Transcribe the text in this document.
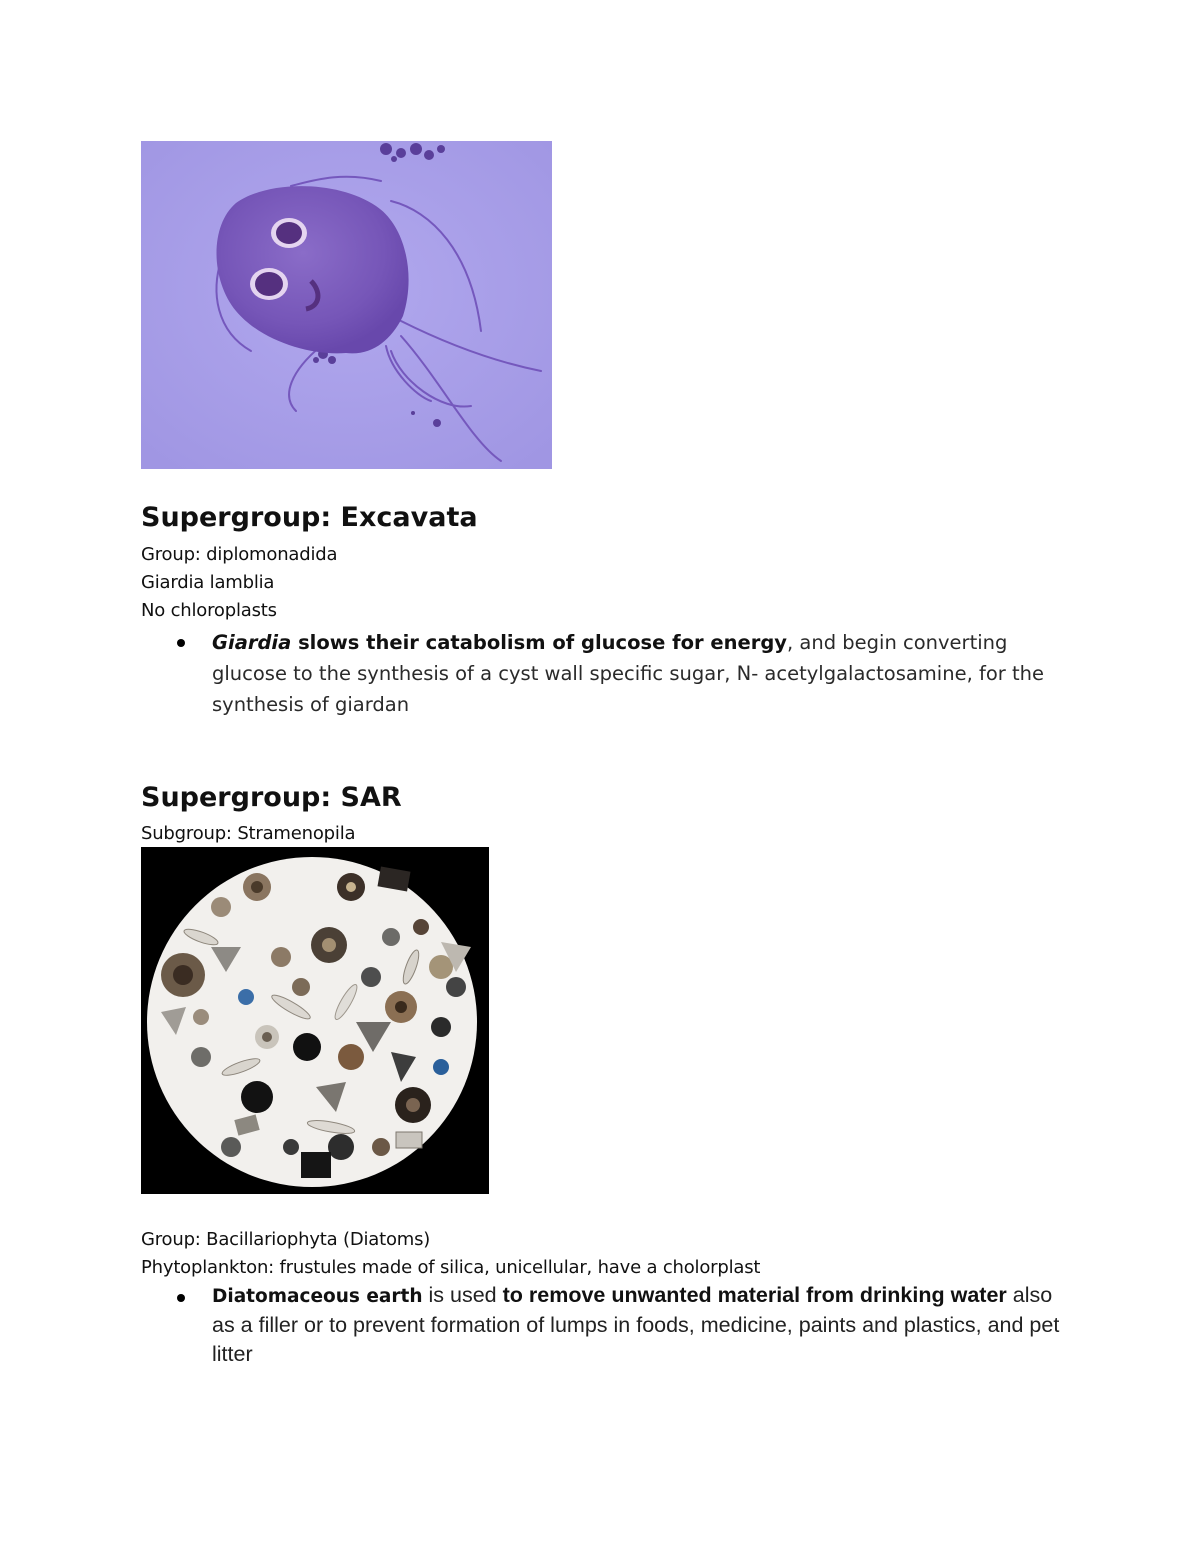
Supergroup: Excavata
Group: diplomonadida
Giardia lamblia
No chloroplasts
Giardia slows their catabolism of glucose for energy, and begin converting glucose to the synthesis of a cyst wall specific sugar, N- acetylgalactosamine, for the synthesis of giardan
Supergroup: SAR
Subgroup: Stramenopila
Group: Bacillariophyta (Diatoms)
Phytoplankton: frustules made of silica, unicellular, have a cholorplast
Diatomaceous earth is used to remove unwanted material from drinking water also as a filler or to prevent formation of lumps in foods, medicine, paints and plastics, and pet litter
